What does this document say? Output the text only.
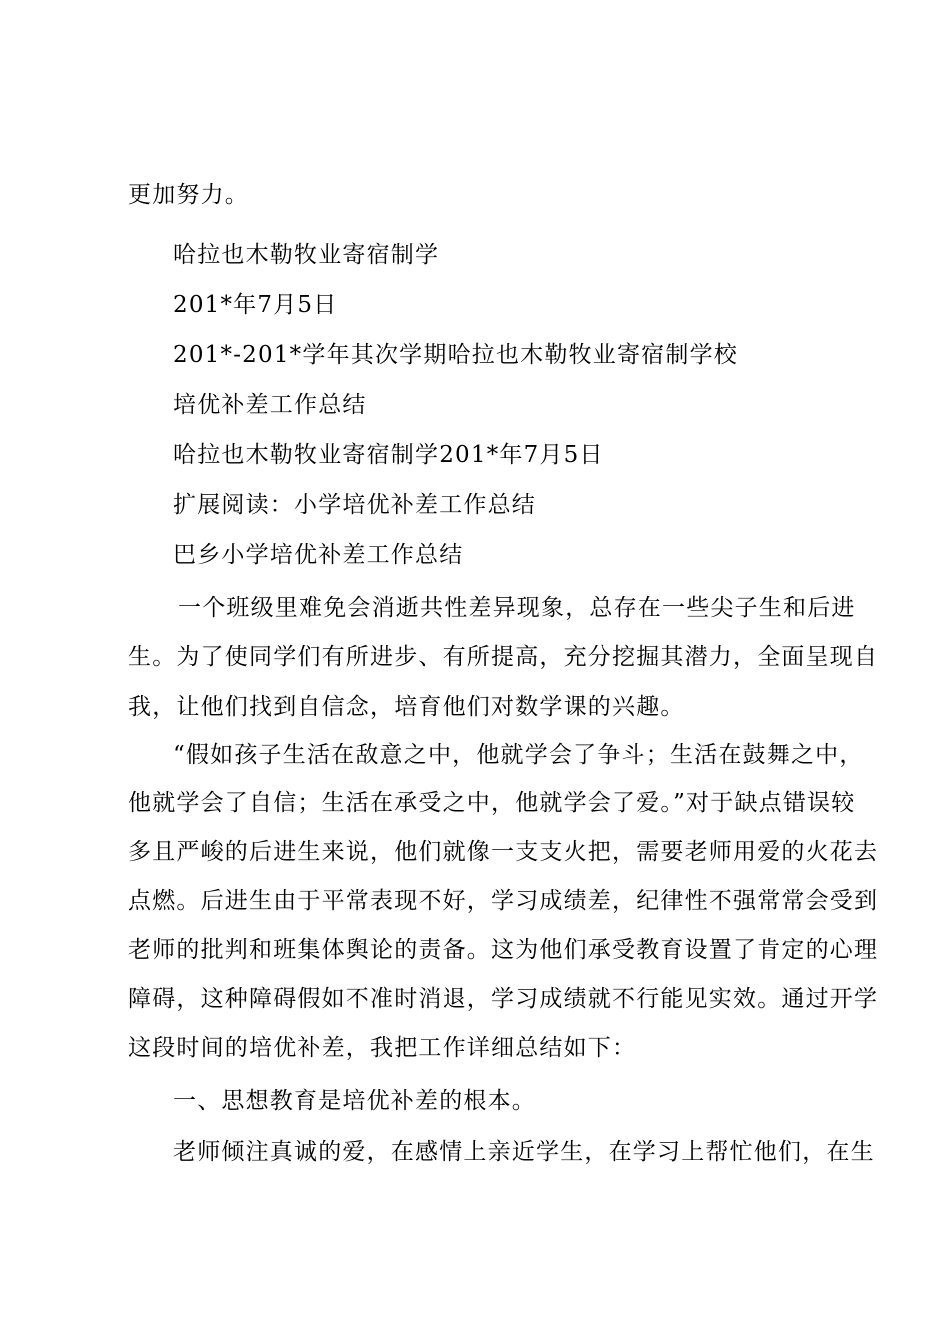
更加努力。
哈拉也木勒牧业寄宿制学
201*年7月5日
201*-201*学年其次学期哈拉也木勒牧业寄宿制学校
培优补差工作总结
哈拉也木勒牧业寄宿制学201*年7月5日
扩展阅读：小学培优补差工作总结
巴乡小学培优补差工作总结
一个班级里难免会消逝共性差异现象，总存在一些尖子生和后进
生。为了使同学们有所进步、有所提高，充分挖掘其潜力，全面呈现自
我，让他们找到自信念，培育他们对数学课的兴趣。
“假如孩子生活在敌意之中，他就学会了争斗；生活在鼓舞之中，
他就学会了自信；生活在承受之中，他就学会了爱。”对于缺点错误较
多且严峻的后进生来说，他们就像一支支火把，需要老师用爱的火花去
点燃。后进生由于平常表现不好，学习成绩差，纪律性不强常常会受到
老师的批判和班集体舆论的责备。这为他们承受教育设置了肯定的心理
障碍，这种障碍假如不准时消退，学习成绩就不行能见实效。通过开学
这段时间的培优补差，我把工作详细总结如下：
一、思想教育是培优补差的根本。
老师倾注真诚的爱，在感情上亲近学生，在学习上帮忙他们，在生
